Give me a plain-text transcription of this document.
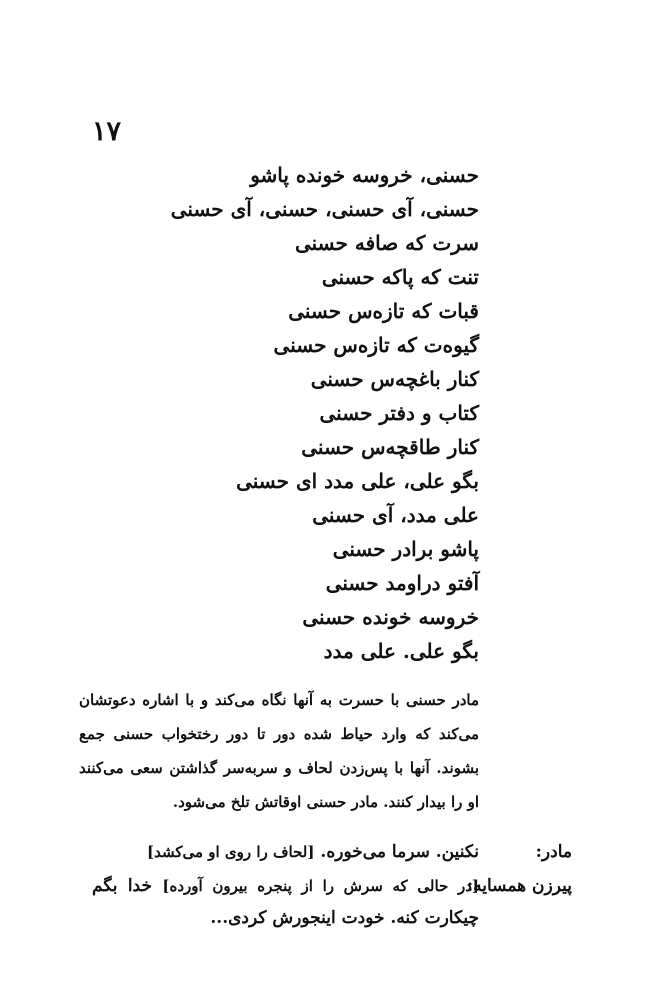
۱۷
حسنی، خروسه خونده پاشو
حسنی، آی حسنی، حسنی، آی حسنی
سرت که صافه حسنی
تنت که پاکه حسنی
قبات که تازه‌س حسنی
گیوه‌ت که تازه‌س حسنی
کنار باغچه‌س حسنی
کتاب و دفتر حسنی
کنار طاقچه‌س حسنی
بگو علی، علی مدد ای حسنی
علی مدد، آی حسنی
پاشو برادر حسنی
آفتو دراومد حسنی
خروسه خونده حسنی
بگو علی. علی مدد

مادر حسنی با حسرت به آنها نگاه می‌کند و با اشاره دعوتشان می‌کند که وارد حیاط شده دور تا دور رختخواب حسنی جمع بشوند. آنها با پس‌زدن لحاف و سربه‌سر گذاشتن سعی می‌کنند او را بیدار کنند. مادر حسنی اوقاتش تلخ می‌شود.

مادر:
نکنین. سرما می‌خوره. [لحاف را روی او می‌کشد]
پیرزن همسایه:
[در حالی که سرش را از پنجره بیرون آورده] خدا بگم چیکارت کنه. خودت اینجورش کردی...
